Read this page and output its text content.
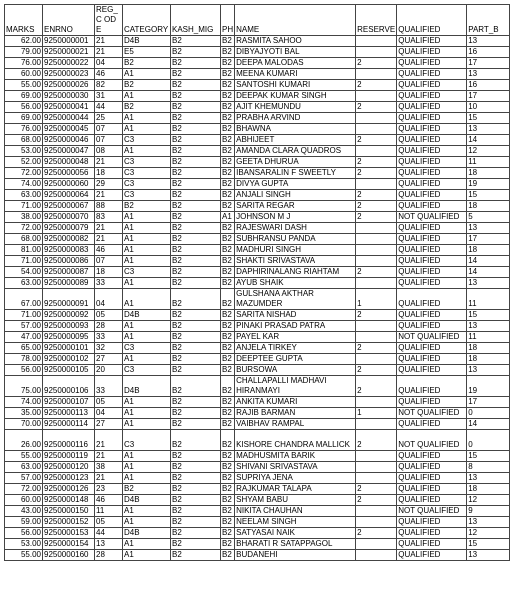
MARKS	ENRNO	REG_C ODE	CATEGORY	KASH_MIG	PH	NAME	RESERVE	QUALIFIED	PART_B
62.00	9250000001	21	D4B	B2	B2	RASMITA SAHOO		QUALIFIED	13
79.00	9250000021	21	E5	B2	B2	DIBYAJYOTI BAL		QUALIFIED	16
76.00	9250000022	04	B2	B2	B2	DEEPA MALODAS	2	QUALIFIED	17
60.00	9250000023	46	A1	B2	B2	MEENA KUMARI		QUALIFIED	13
55.00	9250000026	82	B2	B2	B2	SANTOSHI KUMARI	2	QUALIFIED	16
69.00	9250000030	31	A1	B2	B2	DEEPAK KUMAR SINGH		QUALIFIED	17
56.00	9250000041	44	B2	B2	B2	AJIT KHEMUNDU	2	QUALIFIED	10
69.00	9250000044	25	A1	B2	B2	PRABHA ARVIND		QUALIFIED	15
76.00	9250000045	07	A1	B2	B2	BHAWNA		QUALIFIED	13
68.00	9250000046	07	C3	B2	B2	ABHIJEET	2	QUALIFIED	14
53.00	9250000047	08	A1	B2	B2	AMANDA CLARA QUADROS		QUALIFIED	12
52.00	9250000048	21	C3	B2	B2	GEETA DHURUA	2	QUALIFIED	11
72.00	9250000056	18	C3	B2	B2	IBANSARALIN F SWEETLY	2	QUALIFIED	18
74.00	9250000060	29	C3	B2	B2	DIVYA GUPTA		QUALIFIED	19
63.00	9250000064	21	C3	B2	B2	ANJALI SINGH	2	QUALIFIED	15
71.00	9250000067	88	B2	B2	B2	SARITA REGAR	2	QUALIFIED	18
38.00	9250000070	83	A1	B2	A1	JOHNSON M J	2	NOT QUALIFIED	5
72.00	9250000079	21	A1	B2	B2	RAJESWARI DASH		QUALIFIED	13
68.00	9250000082	21	A1	B2	B2	SUBHRANSU PANDA		QUALIFIED	17
81.00	9250000083	46	A1	B2	B2	MADHURI SINGH		QUALIFIED	18
71.00	9250000086	07	A1	B2	B2	SHAKTI SRIVASTAVA		QUALIFIED	14
54.00	9250000087	18	C3	B2	B2	DAPHIRINALANG RIAHTAM	2	QUALIFIED	14
63.00	9250000089	33	A1	B2	B2	AYUB SHAIK		QUALIFIED	13
67.00	9250000091	04	A1	B2	B2	GULSHANA AKTHAR MAZUMDER	1	QUALIFIED	11
71.00	9250000092	05	D4B	B2	B2	SARITA NISHAD	2	QUALIFIED	15
57.00	9250000093	28	A1	B2	B2	PINAKI PRASAD PATRA		QUALIFIED	13
47.00	9250000095	33	A1	B2	B2	PAYEL KAR		NOT QUALIFIED	11
65.00	9250000101	32	C3	B2	B2	ANJELA TIRKEY	2	QUALIFIED	18
78.00	9250000102	27	A1	B2	B2	DEEPTEE GUPTA		QUALIFIED	18
56.00	9250000105	20	C3	B2	B2	BURSOWA	2	QUALIFIED	13
75.00	9250000106	33	D4B	B2	B2	CHALLAPALLI MADHAVI HIRANMAYI	2	QUALIFIED	19
74.00	9250000107	05	A1	B2	B2	ANKITA KUMARI		QUALIFIED	17
35.00	9250000113	04	A1	B2	B2	RAJIB BARMAN	1	NOT QUALIFIED	0
70.00	9250000114	27	A1	B2	B2	VAIBHAV RAMPAL		QUALIFIED	14
26.00	9250000116	21	C3	B2	B2	KISHORE CHANDRA MALLICK	2	NOT QUALIFIED	0
55.00	9250000119	21	A1	B2	B2	MADHUSMITA BARIK		QUALIFIED	15
63.00	9250000120	38	A1	B2	B2	SHIVANI SRIVASTAVA		QUALIFIED	8
57.00	9250000123	21	A1	B2	B2	SUPRIYA JENA		QUALIFIED	13
72.00	9250000126	23	B2	B2	B2	RAJKUMAR TALAPA	2	QUALIFIED	18
60.00	9250000148	46	D4B	B2	B2	SHYAM BABU	2	QUALIFIED	12
43.00	9250000150	11	A1	B2	B2	NIKITA CHAUHAN		NOT QUALIFIED	9
59.00	9250000152	05	A1	B2	B2	NEELAM SINGH		QUALIFIED	13
56.00	9250000153	44	D4B	B2	B2	SATYASAI NAIK	2	QUALIFIED	12
53.00	9250000154	13	A1	B2	B2	BHARATI R SATAPPAGOL		QUALIFIED	15
55.00	9250000160	28	A1	B2	B2	BUDANEHI		QUALIFIED	13
